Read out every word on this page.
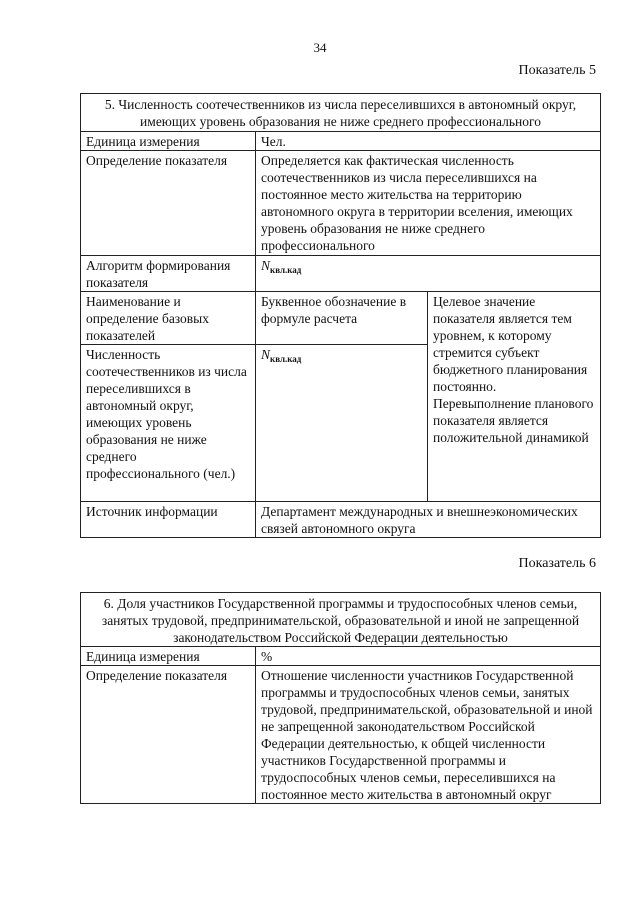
34
Показатель 5
5. Численность соотечественников из числа переселившихся в автономный округ, имеющих уровень образования не ниже среднего профессионального		
Единица измерения	Чел.	
Определение показателя	Определяется как фактическая численность соотечественников из числа переселившихся на постоянное место жительства на территорию автономного округа в территории вселения, имеющих уровень образования не ниже среднего профессионального	
Алгоритм формирования показателя	$N_{квл.кад}$
Наименование и определение базовых показателей	Буквенное обозначение в формуле расчета	Целевое значение показателя является тем уровнем, к которому стремится субъект бюджетного планирования постоянно. Перевыполнение планового показателя является положительной динамикой
Численность соотечественников из числа переселившихся в автономный округ, имеющих уровень образования не ниже среднего профессионального (чел.)	$N_{квл.кад}$
Источник информации	Департамент международных и внешнеэкономических связей автономного округа	
Показатель 6
6. Доля участников Государственной программы и трудоспособных членов семьи, занятых трудовой, предпринимательской, образовательной и иной не запрещенной законодательством Российской Федерации деятельностью	
Единица измерения	%
Определение показателя	Отношение численности участников Государственной программы и трудоспособных членов семьи, занятых трудовой, предпринимательской, образовательной и иной не запрещенной законодательством Российской Федерации деятельностью, к общей численности участников Государственной программы и трудоспособных членов семьи, переселившихся на постоянное место жительства в автономный округ
